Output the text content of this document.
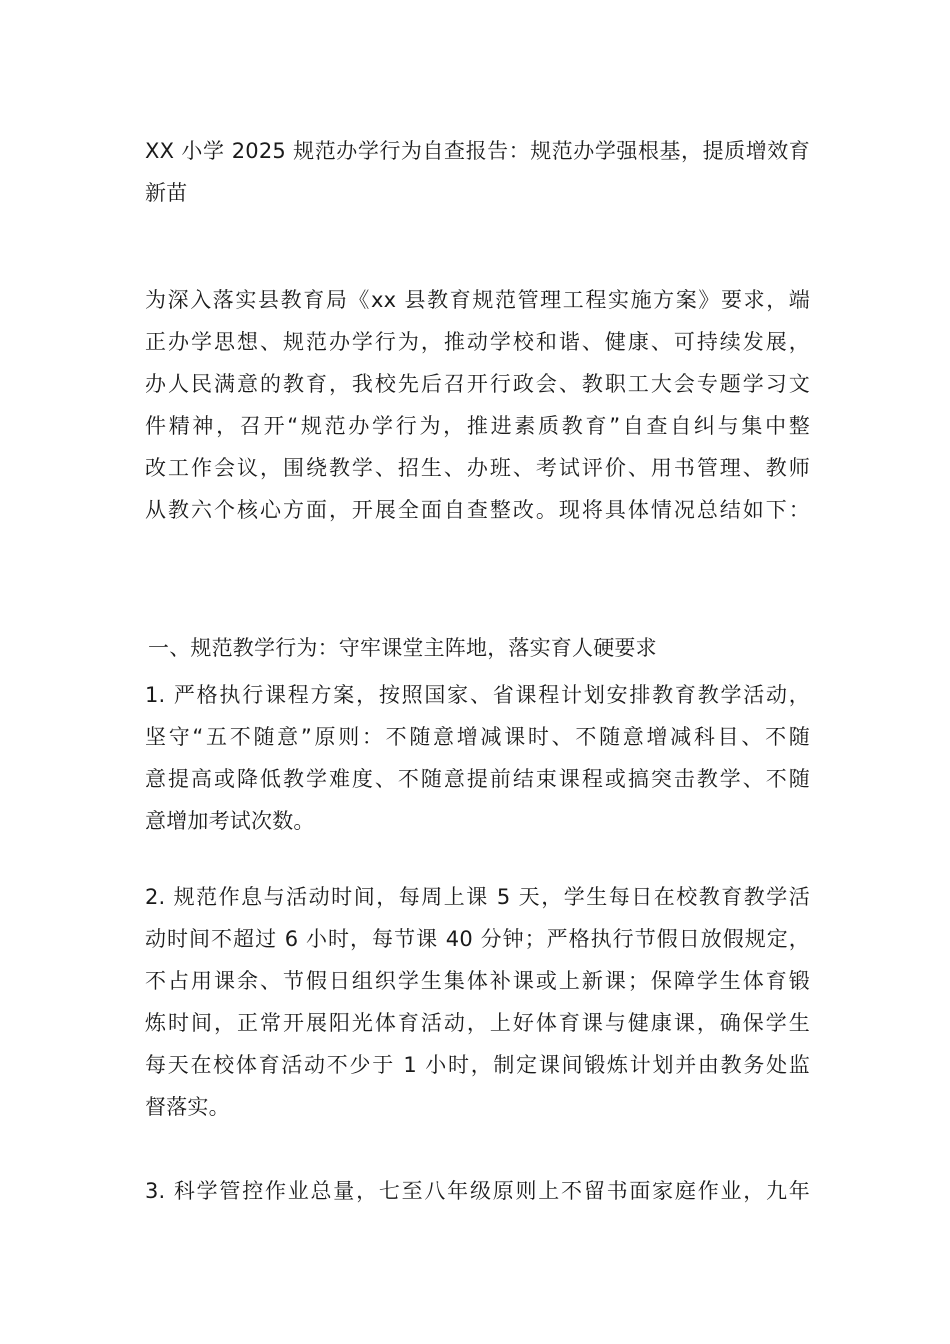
XX 小学 2025 规范办学行为自查报告：规范办学强根基，提质增效育
新苗
为深入落实县教育局《xx 县教育规范管理工程实施方案》要求，端
正办学思想、规范办学行为，推动学校和谐、健康、可持续发展，
办人民满意的教育，我校先后召开行政会、教职工大会专题学习文
件精神，召开“规范办学行为，推进素质教育”自查自纠与集中整
改工作会议，围绕教学、招生、办班、考试评价、用书管理、教师
从教六个核心方面，开展全面自查整改。现将具体情况总结如下：
一、规范教学行为：守牢课堂主阵地，落实育人硬要求
1. 严格执行课程方案，按照国家、省课程计划安排教育教学活动，
坚守“五不随意”原则：不随意增减课时、不随意增减科目、不随
意提高或降低教学难度、不随意提前结束课程或搞突击教学、不随
意增加考试次数。
2. 规范作息与活动时间，每周上课 5 天，学生每日在校教育教学活
动时间不超过 6 小时，每节课 40 分钟；严格执行节假日放假规定，
不占用课余、节假日组织学生集体补课或上新课；保障学生体育锻
炼时间，正常开展阳光体育活动，上好体育课与健康课，确保学生
每天在校体育活动不少于 1 小时，制定课间锻炼计划并由教务处监
督落实。
3. 科学管控作业总量，七至八年级原则上不留书面家庭作业，九年
